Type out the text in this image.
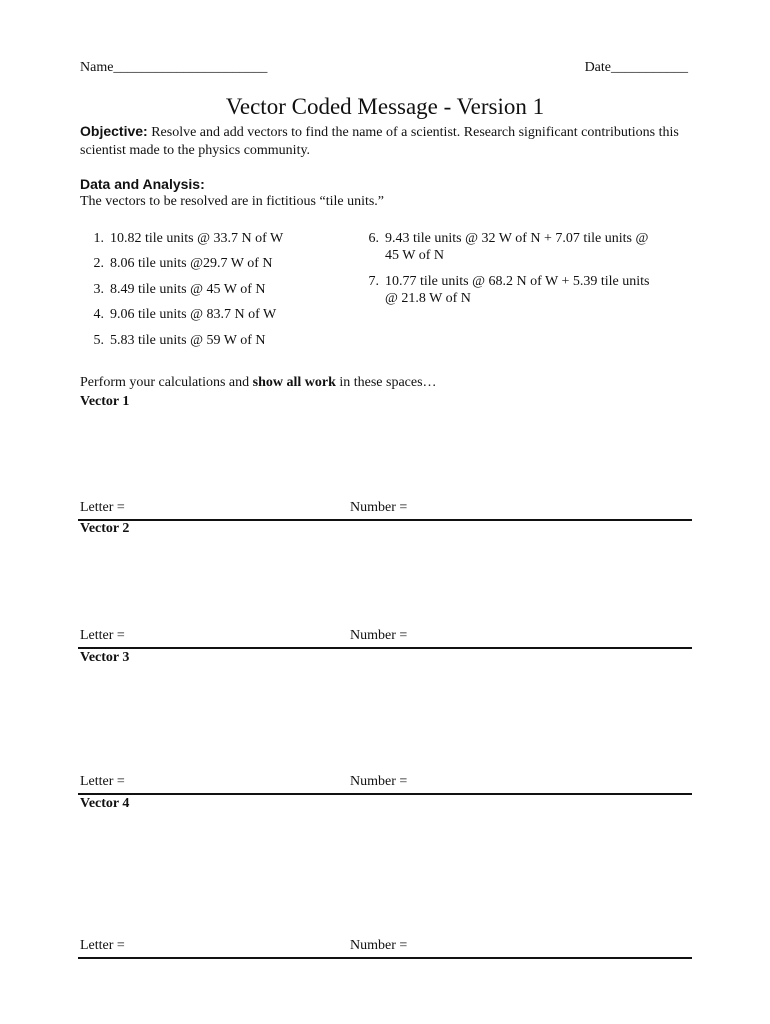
Name______________________	Date___________
Vector Coded Message - Version 1
Objective: Resolve and add vectors to find the name of a scientist. Research significant contributions this scientist made to the physics community.
Data and Analysis:
The vectors to be resolved are in fictitious “tile units.”
1. 10.82 tile units @ 33.7 N of W
2. 8.06 tile units @29.7 W of N
3. 8.49 tile units @ 45 W of N
4. 9.06 tile units @ 83.7 N of W
5. 5.83 tile units @ 59 W of N
6. 9.43 tile units @ 32 W of N + 7.07 tile units @
45 W of N
7. 10.77 tile units @ 68.2 N of W + 5.39 tile units
@ 21.8 W of N
Perform your calculations and show all work in these spaces…
Vector 1
Letter =	Number =
Vector 2
Letter =	Number =
Vector 3
Letter =	Number =
Vector 4
Letter =	Number =
